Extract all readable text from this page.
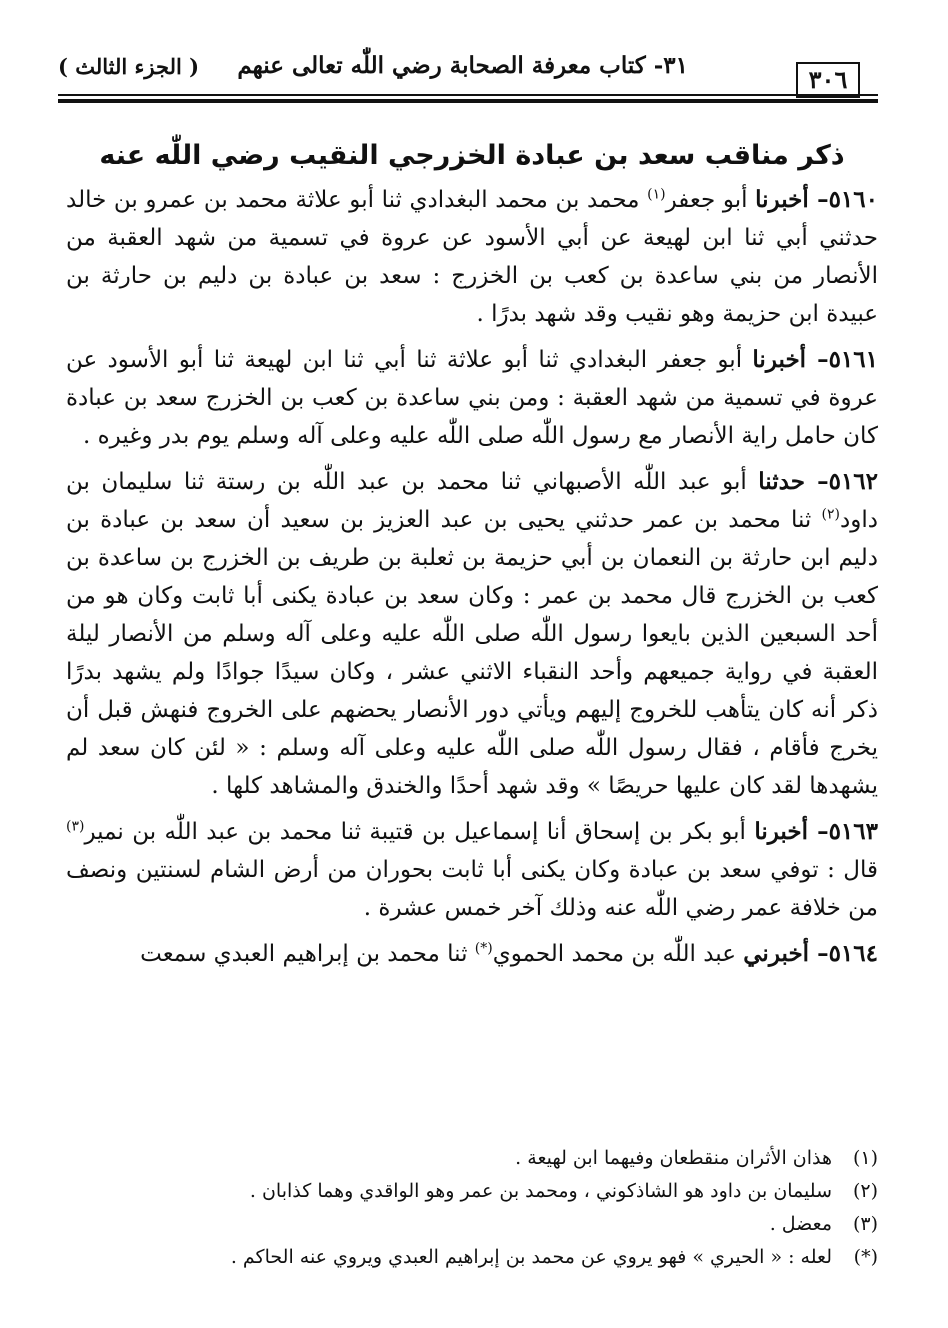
٣٠٦
٣١- كتاب معرفة الصحابة رضي اللّٰه تعالى عنهم
( الجزء الثالث )
ذكر مناقب سعد بن عبادة الخزرجي النقيب رضي اللّٰه عنه

٥١٦٠– أخبرنا أبو جعفر$^{(١)}$ محمد بن محمد البغدادي ثنا أبو علاثة محمد بن عمرو بن خالد حدثني أبي ثنا ابن لهيعة عن أبي الأسود عن عروة في تسمية من شهد العقبة من الأنصار من بني ساعدة بن كعب بن الخزرج : سعد بن عبادة بن دليم بن حارثة بن عبيدة ابن حزيمة وهو نقيب وقد شهد بدرًا .

٥١٦١– أخبرنا أبو جعفر البغدادي ثنا أبو علاثة ثنا أبي ثنا ابن لهيعة ثنا أبو الأسود عن عروة في تسمية من شهد العقبة : ومن بني ساعدة بن كعب بن الخزرج سعد بن عبادة كان حامل راية الأنصار مع رسول اللّٰه صلى اللّٰه عليه وعلى آله وسلم يوم بدر وغيره .

٥١٦٢– حدثنا أبو عبد اللّٰه الأصبهاني ثنا محمد بن عبد اللّٰه بن رستة ثنا سليمان بن داود$^{(٢)}$ ثنا محمد بن عمر حدثني يحيى بن عبد العزيز بن سعيد أن سعد بن عبادة بن دليم ابن حارثة بن النعمان بن أبي حزيمة بن ثعلبة بن طريف بن الخزرج بن ساعدة بن كعب بن الخزرج قال محمد بن عمر : وكان سعد بن عبادة يكنى أبا ثابت وكان هو من أحد السبعين الذين بايعوا رسول اللّٰه صلى اللّٰه عليه وعلى آله وسلم من الأنصار ليلة العقبة في رواية جميعهم وأحد النقباء الاثني عشر ، وكان سيدًا جوادًا ولم يشهد بدرًا ذكر أنه كان يتأهب للخروج إليهم ويأتي دور الأنصار يحضهم على الخروج فنهش قبل أن يخرج فأقام ، فقال رسول اللّٰه صلى اللّٰه عليه وعلى آله وسلم : « لئن كان سعد لم يشهدها لقد كان عليها حريصًا » وقد شهد أحدًا والخندق والمشاهد كلها .

٥١٦٣– أخبرنا أبو بكر بن إسحاق أنا إسماعيل بن قتيبة ثنا محمد بن عبد اللّٰه بن نمير$^{(٣)}$ قال : توفي سعد بن عبادة وكان يكنى أبا ثابت بحوران من أرض الشام لسنتين ونصف من خلافة عمر رضي اللّٰه عنه وذلك آخر خمس عشرة .

٥١٦٤– أخبرني عبد اللّٰه بن محمد الحموي(*) ثنا محمد بن إبراهيم العبدي سمعت

(١)هذان الأثران منقطعان وفيهما ابن لهيعة .
(٢)سليمان بن داود هو الشاذكوني ، ومحمد بن عمر وهو الواقدي وهما كذابان .
(٣)معضل .
(*)لعله : « الحيري » فهو يروي عن محمد بن إبراهيم العبدي ويروي عنه الحاكم .
